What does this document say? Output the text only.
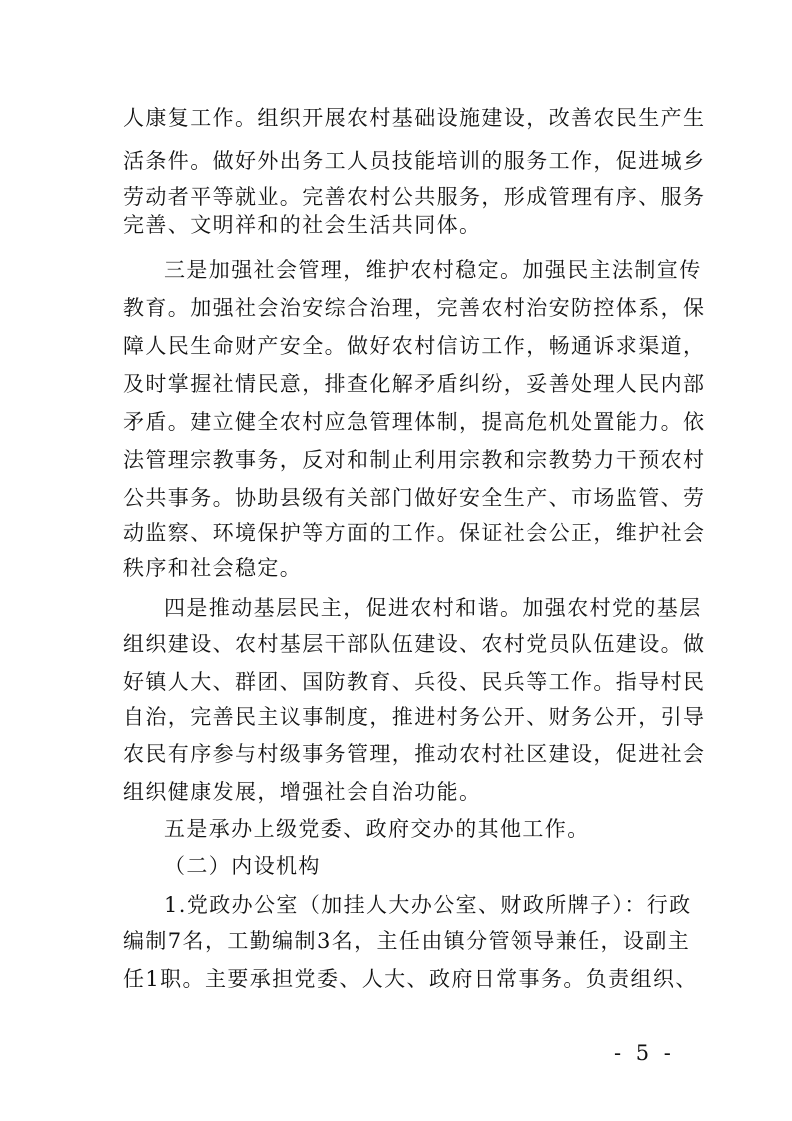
人康复工作。组织开展农村基础设施建设，改善农民生产生
活条件。做好外出务工人员技能培训的服务工作，促进城乡
劳动者平等就业。完善农村公共服务，形成管理有序、服务
完善、文明祥和的社会生活共同体。
三是加强社会管理，维护农村稳定。加强民主法制宣传
教育。加强社会治安综合治理，完善农村治安防控体系，保
障人民生命财产安全。做好农村信访工作，畅通诉求渠道，
及时掌握社情民意，排查化解矛盾纠纷，妥善处理人民内部
矛盾。建立健全农村应急管理体制，提高危机处置能力。依
法管理宗教事务，反对和制止利用宗教和宗教势力干预农村
公共事务。协助县级有关部门做好安全生产、市场监管、劳
动监察、环境保护等方面的工作。保证社会公正，维护社会
秩序和社会稳定。
四是推动基层民主，促进农村和谐。加强农村党的基层
组织建设、农村基层干部队伍建设、农村党员队伍建设。做
好镇人大、群团、国防教育、兵役、民兵等工作。指导村民
自治，完善民主议事制度，推进村务公开、财务公开，引导
农民有序参与村级事务管理，推动农村社区建设，促进社会
组织健康发展，增强社会自治功能。
五是承办上级党委、政府交办的其他工作。
（二）内设机构
1.党政办公室（加挂人大办公室、财政所牌子）：行政
编制7名，工勤编制3名，主任由镇分管领导兼任，设副主
任1职。主要承担党委、人大、政府日常事务。负责组织、
- 5 -
